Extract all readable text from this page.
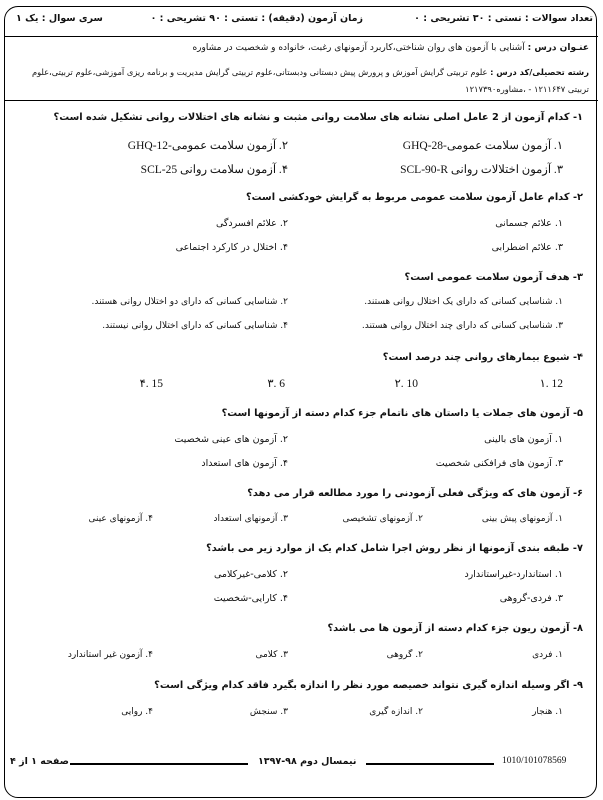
تعداد سوالات : تستی : ۳۰ تشریحی : ۰
زمان آزمون (دقیقه) : تستی : ۹۰ تشریحی : ۰
سری سوال : یک ۱
عنـوان درس : آشنایی با آزمون های روان شناختی،کاربرد آزمونهای رغبت، خانواده و شخصیت در مشاوره
رشته تحصیلی/کد درس : علوم تربیتی گرایش آموزش و پرورش پیش دبستانی ودبستانی،علوم تربیتی گرایش مدیریت و برنامه ریزی آموزشی،علوم تربیتی،علوم تربیتی ۱۲۱۱۶۴۷ - ،مشاوره۱۲۱۷۳۹۰
۱- کدام آزمون از 2 عامل اصلی نشانه های سلامت روانی مثبت و نشانه های اختلالات روانی تشکیل شده است؟
۱. آزمون سلامت عمومی-GHQ-28
۲. آزمون سلامت عمومی-GHQ-12
۳. آزمون اختلالات روانی SCL-90-R
۴. آزمون سلامت روانی SCL-25
۲- کدام عامل آزمون سلامت عمومی مربوط به گرایش خودکشی است؟
۱. علائم جسمانی
۲. علائم افسردگی
۳. علائم اضطرابی
۴. اختلال در کارکرد اجتماعی
۳- هدف آزمون سلامت عمومی است؟
۱. شناسایی کسانی که دارای یک اختلال روانی هستند.
۲. شناسایی کسانی که دارای دو اختلال روانی هستند.
۳. شناسایی کسانی که دارای چند اختلال روانی هستند.
۴. شناسایی کسانی که دارای اختلال روانی نیستند.
۴- شیوع بیمارهای روانی چند درصد است؟
12 .۱
10 .۲
6 .۳
15 .۴
۵- آزمون های جملات یا داستان های ناتمام جزء کدام دسته از آزمونها است؟
۱. آزمون های بالینی
۲. آزمون های عینی شخصیت
۳. آزمون های فرافکنی شخصیت
۴. آزمون های استعداد
۶- آزمون های که ویژگی فعلی آزمودنی را مورد مطالعه قرار می دهد؟
۱. آزمونهای پیش بینی
۲. آزمونهای تشخیصی
۳. آزمونهای استعداد
۴. آزمونهای عینی
۷- طبقه بندی آزمونها از نظر روش اجرا شامل کدام یک از موارد زیر می باشد؟
۱. استاندارد-غیراستاندارد
۲. کلامی-غیرکلامی
۳. فردی-گروهی
۴. کارایی-شخصیت
۸- آزمون ریون جزء کدام دسته از آزمون ها می باشد؟
۱. فردی
۲. گروهی
۳. کلامی
۴. آزمون غیر استاندارد
۹- اگر وسیله اندازه گیری نتواند خصیصه مورد نظر را اندازه بگیرد فاقد کدام ویژگی است؟
۱. هنجار
۲. اندازه گیری
۳. سنجش
۴. روایی
صفحه ۱ از ۴	نیمسال دوم ۹۸-۱۳۹۷	1010/101078569
